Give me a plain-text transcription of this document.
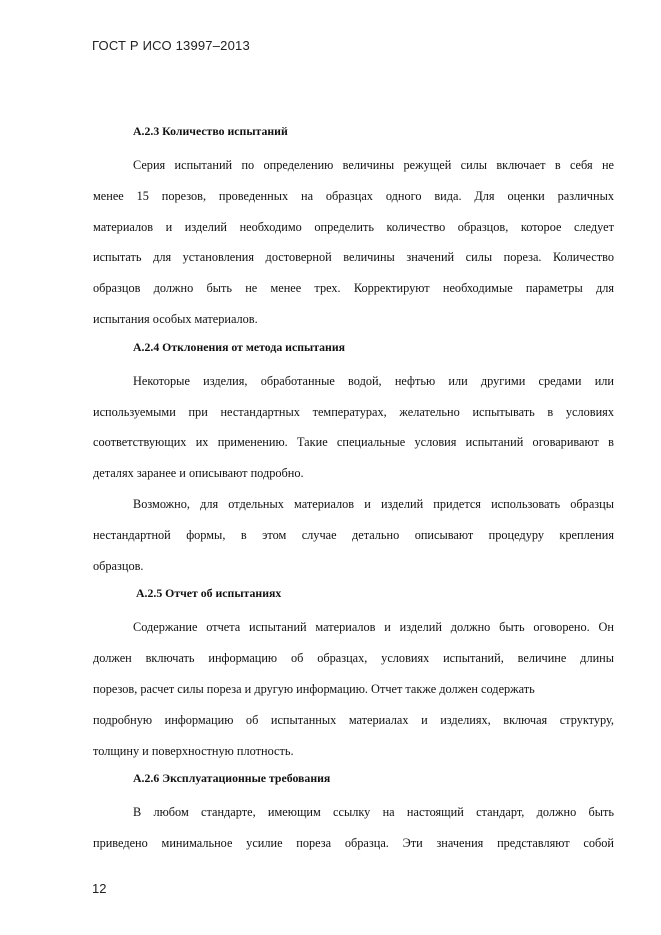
ГОСТ Р ИСО 13997–2013
А.2.3 Количество испытаний
Серия испытаний по определению величины режущей силы включает в себя не
менее 15 порезов, проведенных на образцах одного вида. Для оценки различных
материалов и изделий необходимо определить количество образцов, которое следует
испытать для установления достоверной величины значений силы пореза. Количество
образцов должно быть не менее трех. Корректируют необходимые параметры для
испытания особых материалов.
А.2.4 Отклонения от метода испытания
Некоторые изделия, обработанные водой, нефтью или другими средами или
используемыми при нестандартных температурах, желательно испытывать в условиях
соответствующих их применению. Такие специальные условия испытаний оговаривают в
деталях заранее и описывают подробно.
Возможно, для отдельных материалов и изделий придется использовать образцы
нестандартной формы, в этом случае детально описывают процедуру крепления
образцов.
А.2.5 Отчет об испытаниях
Содержание отчета испытаний материалов и изделий должно быть оговорено. Он
должен включать информацию об образцах, условиях испытаний, величине длины
порезов, расчет силы пореза и другую информацию. Отчет также должен содержать
подробную информацию об испытанных материалах и изделиях, включая структуру,
толщину и поверхностную плотность.
А.2.6 Эксплуатационные требования
В любом стандарте, имеющим ссылку на настоящий стандарт, должно быть
приведено минимальное усилие пореза образца. Эти значения представляют собой
12
